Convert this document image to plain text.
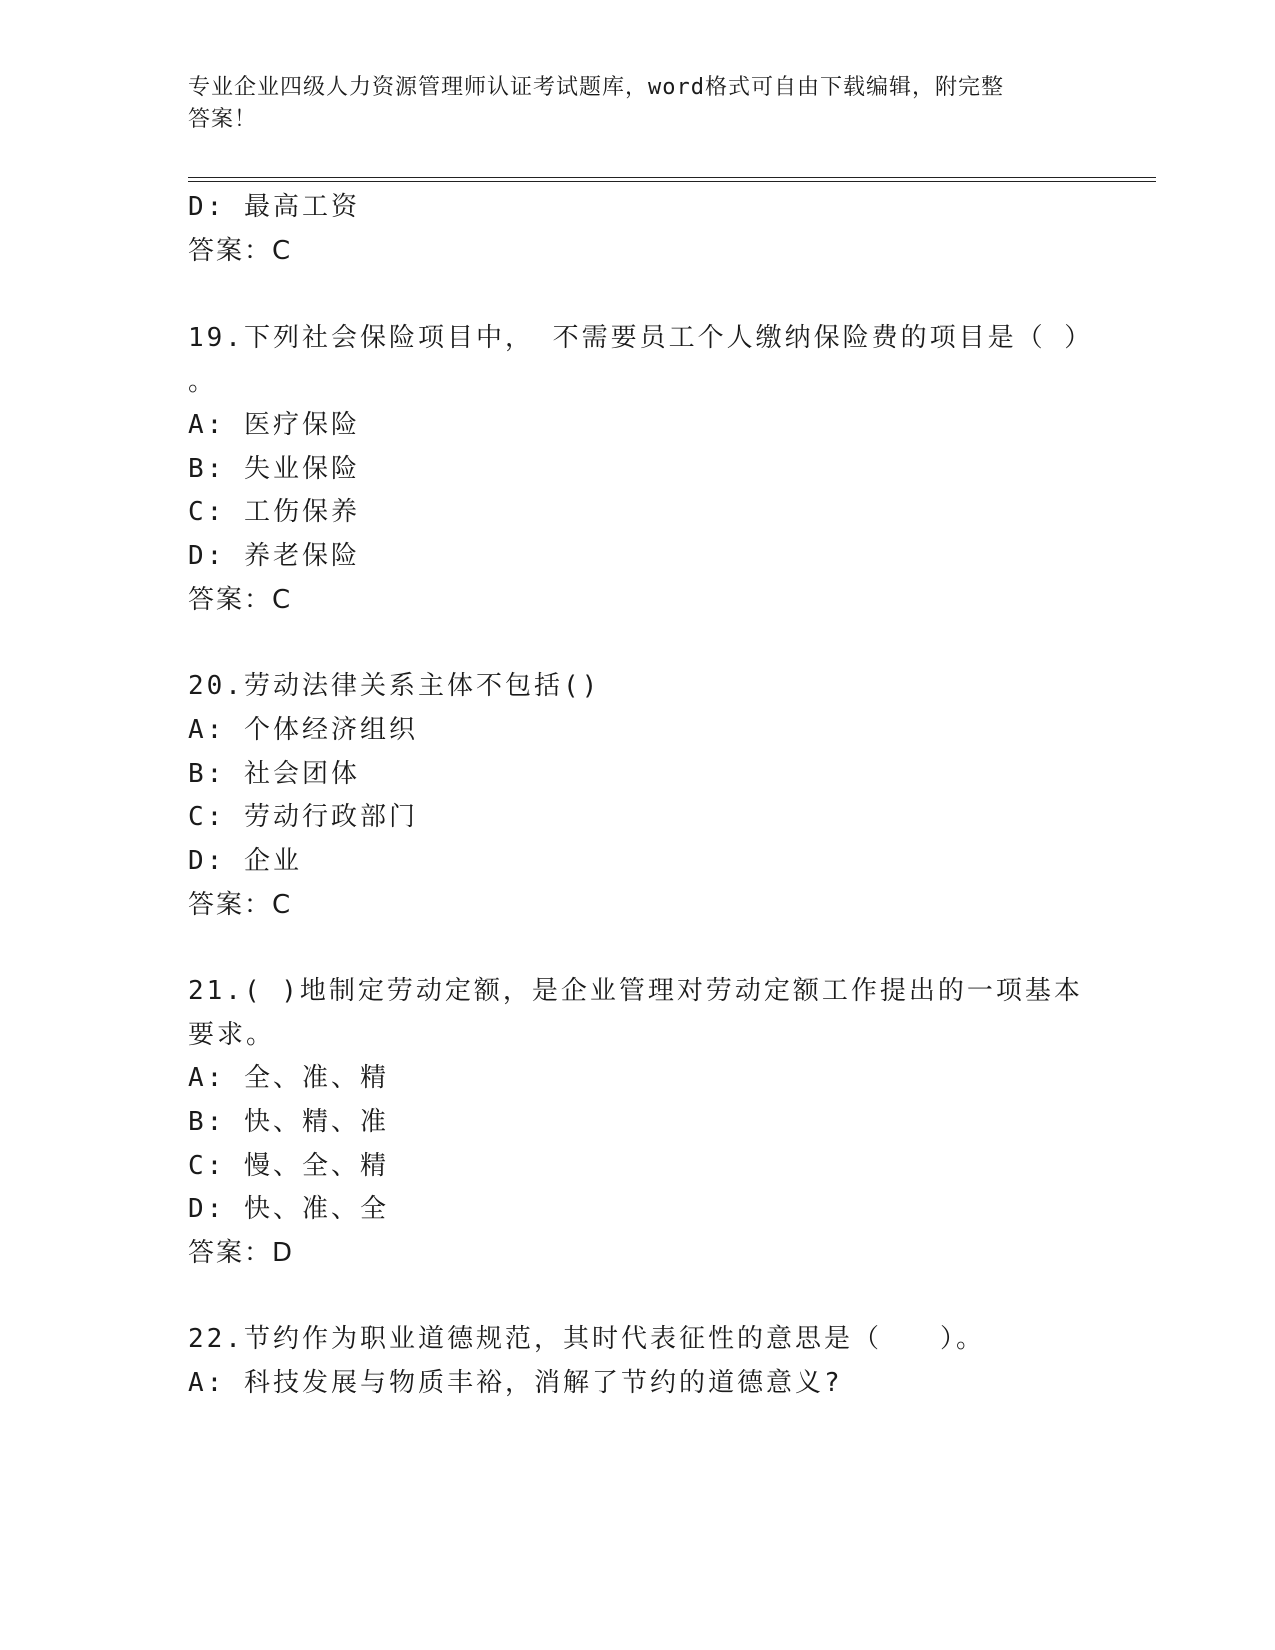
专业企业四级人力资源管理师认证考试题库，word格式可自由下载编辑，附完整
答案！
D: 最高工资
答案：C
19.下列社会保险项目中， 不需要员工个人缴纳保险费的项目是（ ）
。
A: 医疗保险
B: 失业保险
C: 工伤保养
D: 养老保险
答案：C
20.劳动法律关系主体不包括()
A: 个体经济组织
B: 社会团体
C: 劳动行政部门
D: 企业
答案：C
21.( )地制定劳动定额，是企业管理对劳动定额工作提出的一项基本
要求。
A: 全、准、精
B: 快、精、准
C: 慢、全、精
D: 快、准、全
答案：D
22.节约作为职业道德规范，其时代表征性的意思是（　　）。
A: 科技发展与物质丰裕，消解了节约的道德意义?
